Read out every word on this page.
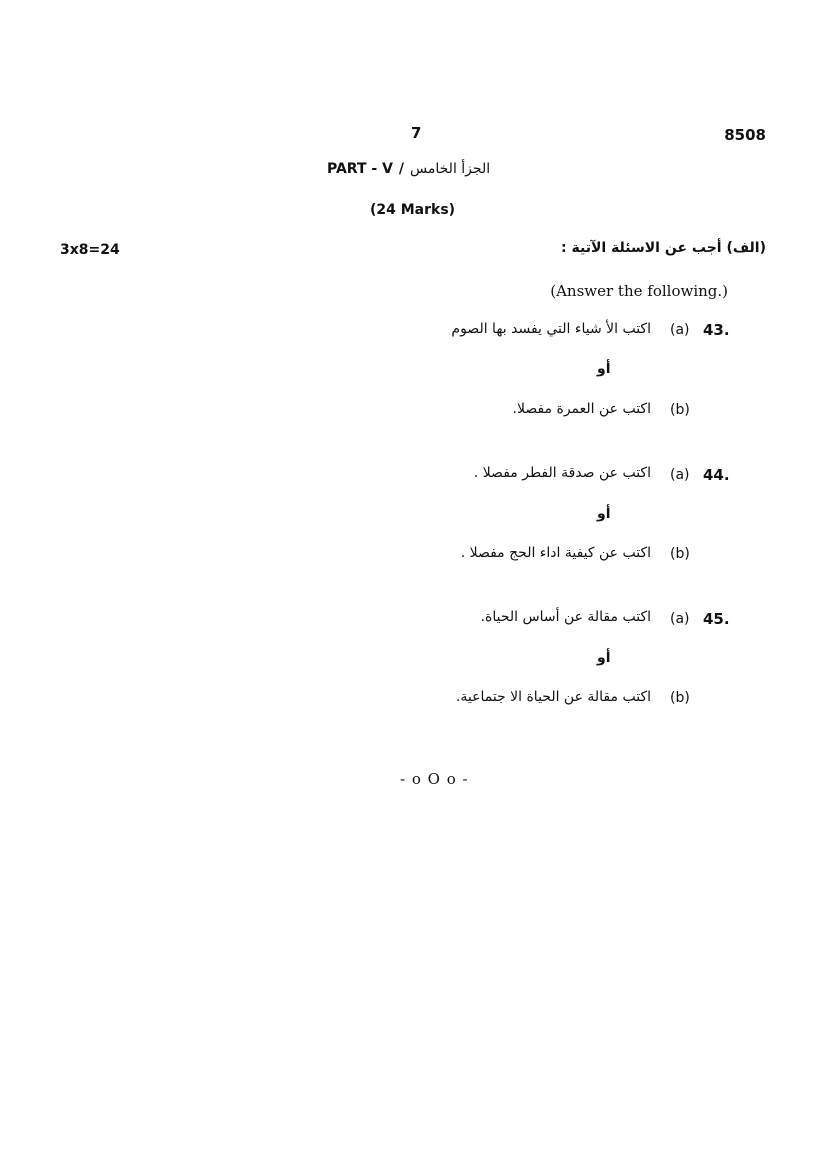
7	8508
PART - V / الجزأ الخامس
(24 Marks)
3x8=24	(الف) أجب عن الاسئلة الآتية :
(Answer the following.)
43.
(a)
اكتب الأ شياء التي يفسد بها الصوم
أو
(b)
اكتب عن العمرة مفصلا.
44.
(a)
اكتب عن صدقة الفطر مفصلا .
أو
(b)
اكتب عن كيفية اداء الحج مفصلا .
45.
(a)
اكتب مقالة عن أساس الحياة.
أو
(b)
اكتب مقالة عن الحياة الا جتماعية.
- o O o -
